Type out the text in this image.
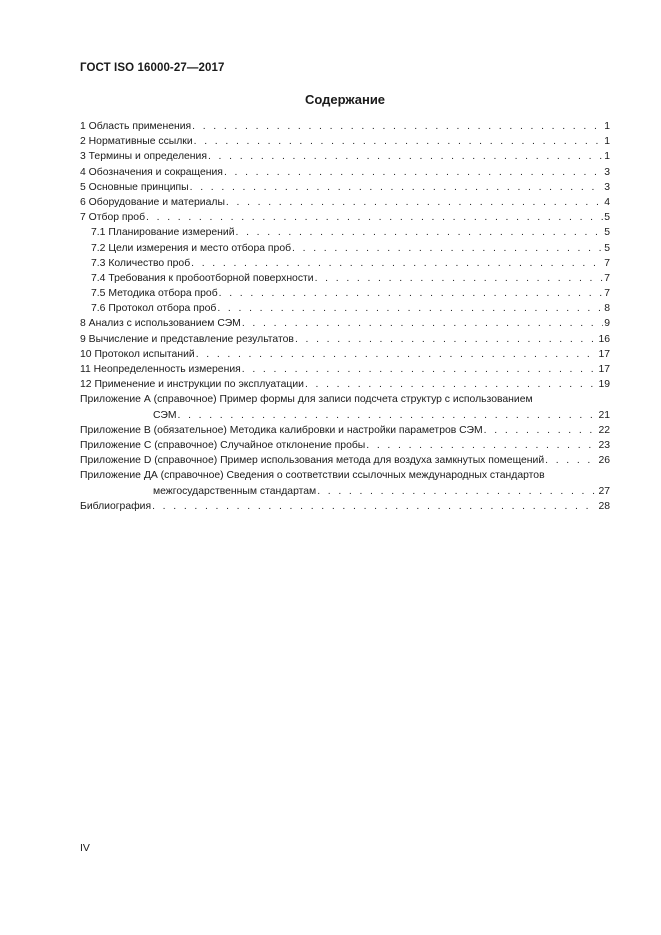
ГОСТ ISO 16000-27—2017
Содержание
1 Область применения . . .	1
2 Нормативные ссылки . . .	1
3 Термины и определения . . .	1
4 Обозначения и сокращения . . .	3
5 Основные принципы . . .	3
6 Оборудование и материалы . . .	4
7 Отбор проб . . .	5
7.1 Планирование измерений . . .	5
7.2 Цели измерения и место отбора проб . . .	5
7.3 Количество проб . . .	7
7.4 Требования к пробоотборной поверхности . . .	7
7.5 Методика отбора проб . . .	7
7.6 Протокол отбора проб . . .	8
8 Анализ с использованием СЭМ . . .	9
9 Вычисление и представление результатов . . .	16
10 Протокол испытаний . . .	17
11 Неопределенность измерения . . .	17
12 Применение и инструкции по эксплуатации . . .	19
Приложение А (справочное) Пример формы для записи подсчета структур с использованием
СЭМ . . .	21
Приложение В (обязательное) Методика калибровки и настройки параметров СЭМ . . .	22
Приложение С (справочное) Случайное отклонение пробы . . .	23
Приложение D (справочное) Пример использования метода для воздуха замкнутых помещений . . .	26
Приложение ДА (справочное) Сведения о соответствии ссылочных международных стандартов
межгосударственным стандартам . . .	27
Библиография . . .	28
IV
